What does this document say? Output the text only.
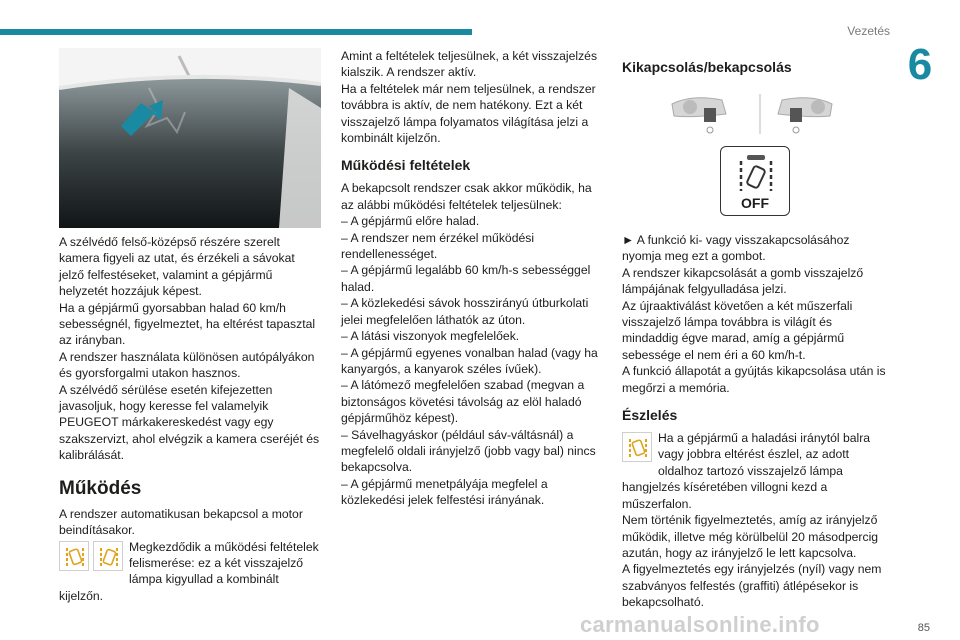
Vezetés
6
A szélvédő felső-középső részére szerelt kamera figyeli az utat, és érzékeli a sávokat jelző felfestéseket, valamint a gépjármű helyzetét hozzájuk képest.
Ha a gépjármű gyorsabban halad 60 km/h sebességnél, figyelmeztet, ha eltérést tapasztal az irányban.
A rendszer használata különösen autópályákon és gyorsforgalmi utakon hasznos.
A szélvédő sérülése esetén kifejezetten javasoljuk, hogy keresse fel valamelyik PEUGEOT márkakereskedést vagy egy szakszervizt, ahol elvégzik a kamera cseréjét és kalibrálását.
Működés
A rendszer automatikusan bekapcsol a motor beindításakor.
Megkezdődik a működési feltételek felismerése: ez a két visszajelző lámpa kigyullad a kombinált kijelzőn.
Amint a feltételek teljesülnek, a két visszajelzés kialszik. A rendszer aktív.
Ha a feltételek már nem teljesülnek, a rendszer továbbra is aktív, de nem hatékony. Ezt a két visszajelző lámpa folyamatos világítása jelzi a kombinált kijelzőn.
Működési feltételek
A bekapcsolt rendszer csak akkor működik, ha az alábbi működési feltételek teljesülnek:
– A gépjármű előre halad.
– A rendszer nem érzékel működési rendellenességet.
– A gépjármű legalább 60 km/h-s sebességgel halad.
– A közlekedési sávok hosszirányú útburkolati jelei megfelelően láthatók az úton.
– A látási viszonyok megfelelőek.
– A gépjármű egyenes vonalban halad (vagy ha kanyargós, a kanyarok széles ívűek).
– A látómező megfelelően szabad (megvan a biztonságos követési távolság az elöl haladó gépjárműhöz képest).
– Sávelhagyáskor (például sáv-váltásnál) a megfelelő oldali irányjelző (jobb vagy bal) nincs bekapcsolva.
– A gépjármű menetpályája megfelel a közlekedési jelek felfestési irányának.
Kikapcsolás/bekapcsolás
OFF
► A funkció ki- vagy visszakapcsolásához nyomja meg ezt a gombot.
A rendszer kikapcsolását a gomb visszajelző lámpájának felgyulladása jelzi.
Az újraaktiválást követően a két műszerfali visszajelző lámpa továbbra is világít és mindaddig égve marad, amíg a gépjármű sebessége el nem éri a 60 km/h-t.
A funkció állapotát a gyújtás kikapcsolása után is megőrzi a memória.
Észlelés
Ha a gépjármű a haladási iránytól balra vagy jobbra eltérést észlel, az adott oldalhoz tartozó visszajelző lámpa hangjelzés kíséretében villogni kezd a műszerfalon.
Nem történik figyelmeztetés, amíg az irányjelző működik, illetve még körülbelül 20 másodpercig azután, hogy az irányjelző le lett kapcsolva.
A figyelmeztetés egy irányjelzés (nyíl) vagy nem szabványos felfestés (graffiti) átlépésekor is bekapcsolható.
carmanualsonline.info	85
